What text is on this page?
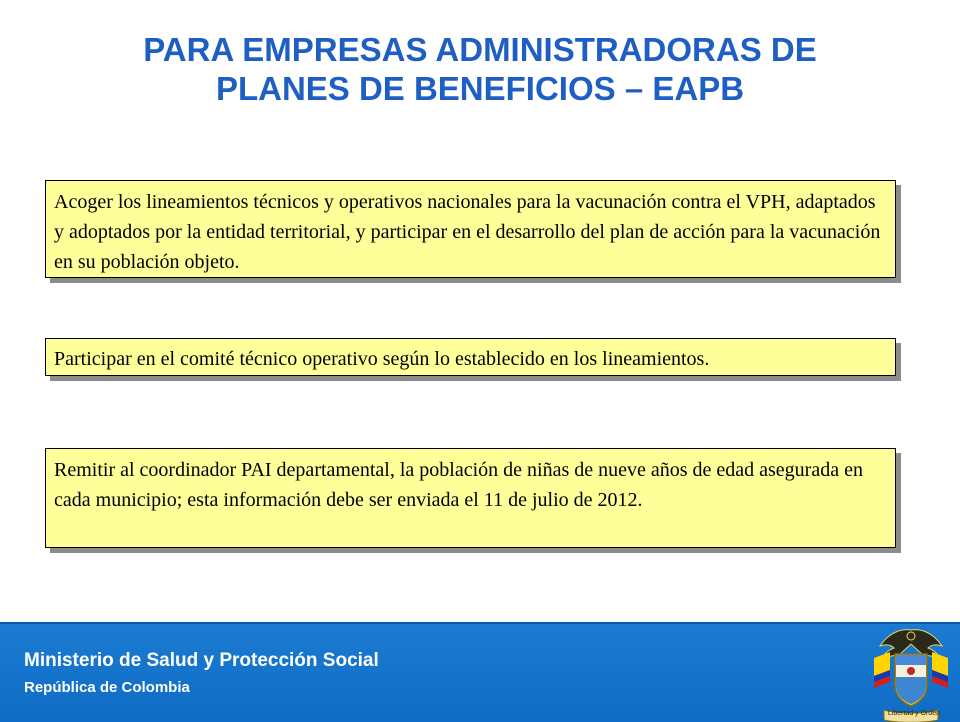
PARA EMPRESAS ADMINISTRADORAS DE
PLANES DE BENEFICIOS – EAPB
Acoger los lineamientos técnicos y operativos nacionales para la vacunación contra el VPH, adaptados y adoptados por la entidad territorial, y participar en el desarrollo del plan de acción para la vacunación en su población objeto.
Participar en el comité técnico operativo según lo establecido en los lineamientos.
Remitir al coordinador PAI departamental, la población de niñas de nueve años de edad asegurada en cada municipio; esta información debe ser enviada el 11 de julio de 2012.
Ministerio de Salud y Protección Social
República de Colombia
Libertad y Orden
